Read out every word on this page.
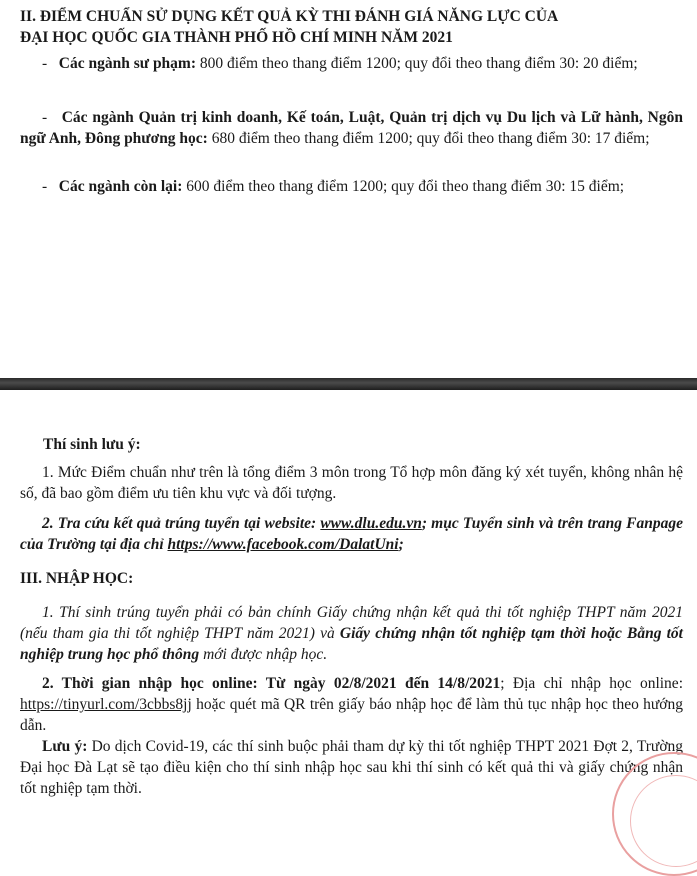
II. ĐIỂM CHUẨN SỬ DỤNG KẾT QUẢ KỲ THI ĐÁNH GIÁ NĂNG LỰC CỦA
ĐẠI HỌC QUỐC GIA THÀNH PHỐ HỒ CHÍ MINH NĂM 2021
- Các ngành sư phạm: 800 điểm theo thang điểm 1200; quy đổi theo thang điểm 30: 20 điểm;
- Các ngành Quản trị kinh doanh, Kế toán, Luật, Quản trị dịch vụ Du lịch và Lữ hành, Ngôn ngữ Anh, Đông phương học: 680 điểm theo thang điểm 1200; quy đổi theo thang điểm 30: 17 điểm;
- Các ngành còn lại: 600 điểm theo thang điểm 1200; quy đổi theo thang điểm 30: 15 điểm;
Thí sinh lưu ý:
1. Mức Điểm chuẩn như trên là tổng điểm 3 môn trong Tổ hợp môn đăng ký xét tuyển, không nhân hệ số, đã bao gồm điểm ưu tiên khu vực và đối tượng.
2. Tra cứu kết quả trúng tuyển tại website: www.dlu.edu.vn; mục Tuyển sinh và trên trang Fanpage của Trường tại địa chỉ https://www.facebook.com/DalatUni;
III. NHẬP HỌC:
1. Thí sinh trúng tuyển phải có bản chính Giấy chứng nhận kết quả thi tốt nghiệp THPT năm 2021 (nếu tham gia thi tốt nghiệp THPT năm 2021) và Giấy chứng nhận tốt nghiệp tạm thời hoặc Bằng tốt nghiệp trung học phổ thông mới được nhập học.
2. Thời gian nhập học online: Từ ngày 02/8/2021 đến 14/8/2021; Địa chỉ nhập học online: https://tinyurl.com/3cbbs8jj hoặc quét mã QR trên giấy báo nhập học để làm thủ tục nhập học theo hướng dẫn.
Lưu ý: Do dịch Covid-19, các thí sinh buộc phải tham dự kỳ thi tốt nghiệp THPT 2021 Đợt 2, Trường Đại học Đà Lạt sẽ tạo điều kiện cho thí sinh nhập học sau khi thí sinh có kết quả thi và giấy chứng nhận tốt nghiệp tạm thời.
